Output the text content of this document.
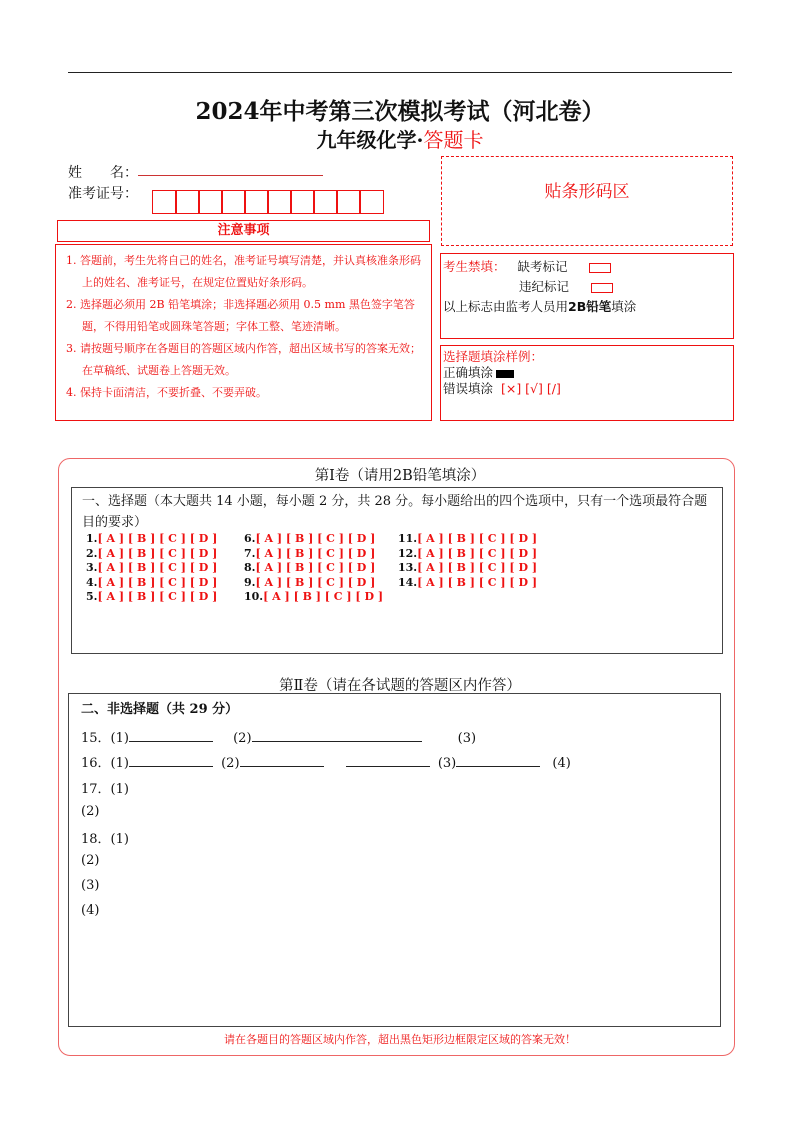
2024年中考第三次模拟考试（河北卷）
九年级化学·答题卡
姓　　名：
准考证号：	贴条形码区
注意事项

1. 答题前，考生先将自己的姓名，准考证号填写清楚，并认真核准条形码上的姓名、准考证号，在规定位置贴好条形码。

2. 选择题必须用 2B 铅笔填涂；非选择题必须用 0.5 mm 黑色签字笔答题，不得用铅笔或圆珠笔答题；字体工整、笔迹清晰。

3. 请按题号顺序在各题目的答题区域内作答，超出区域书写的答案无效；在草稿纸、试题卷上答题无效。

4. 保持卡面清洁，不要折叠、不要弄破。

考生禁填： 缺考标记
违纪标记
以上标志由监考人员用2B铅笔填涂
选择题填涂样例：
正确填涂
错误填涂 [×] [√] [/]
第Ⅰ卷（请用2B铅笔填涂）
一、选择题（本大题共 14 小题，每小题 2 分，共 28 分。每小题给出的四个选项中，只有一个选项最符合题目的要求）
1.[ A ] [ B ] [ C ] [ D ]
2.[ A ] [ B ] [ C ] [ D ]
3.[ A ] [ B ] [ C ] [ D ]
4.[ A ] [ B ] [ C ] [ D ]
5.[ A ] [ B ] [ C ] [ D ]
6.[ A ] [ B ] [ C ] [ D ]
7.[ A ] [ B ] [ C ] [ D ]
8.[ A ] [ B ] [ C ] [ D ]
9.[ A ] [ B ] [ C ] [ D ]
10.[ A ] [ B ] [ C ] [ D ]
11.[ A ] [ B ] [ C ] [ D ]
12.[ A ] [ B ] [ C ] [ D ]
13.[ A ] [ B ] [ C ] [ D ]
14.[ A ] [ B ] [ C ] [ D ]
第Ⅱ卷（请在各试题的答题区内作答）
二、非选择题（共 29 分）
15．(1)	(2)	(3)
16．(1)	(2)	(3)	(4)
17．(1)
(2)
18．(1)
(2)
(3)
(4)
请在各题目的答题区域内作答，超出黑色矩形边框限定区域的答案无效！
